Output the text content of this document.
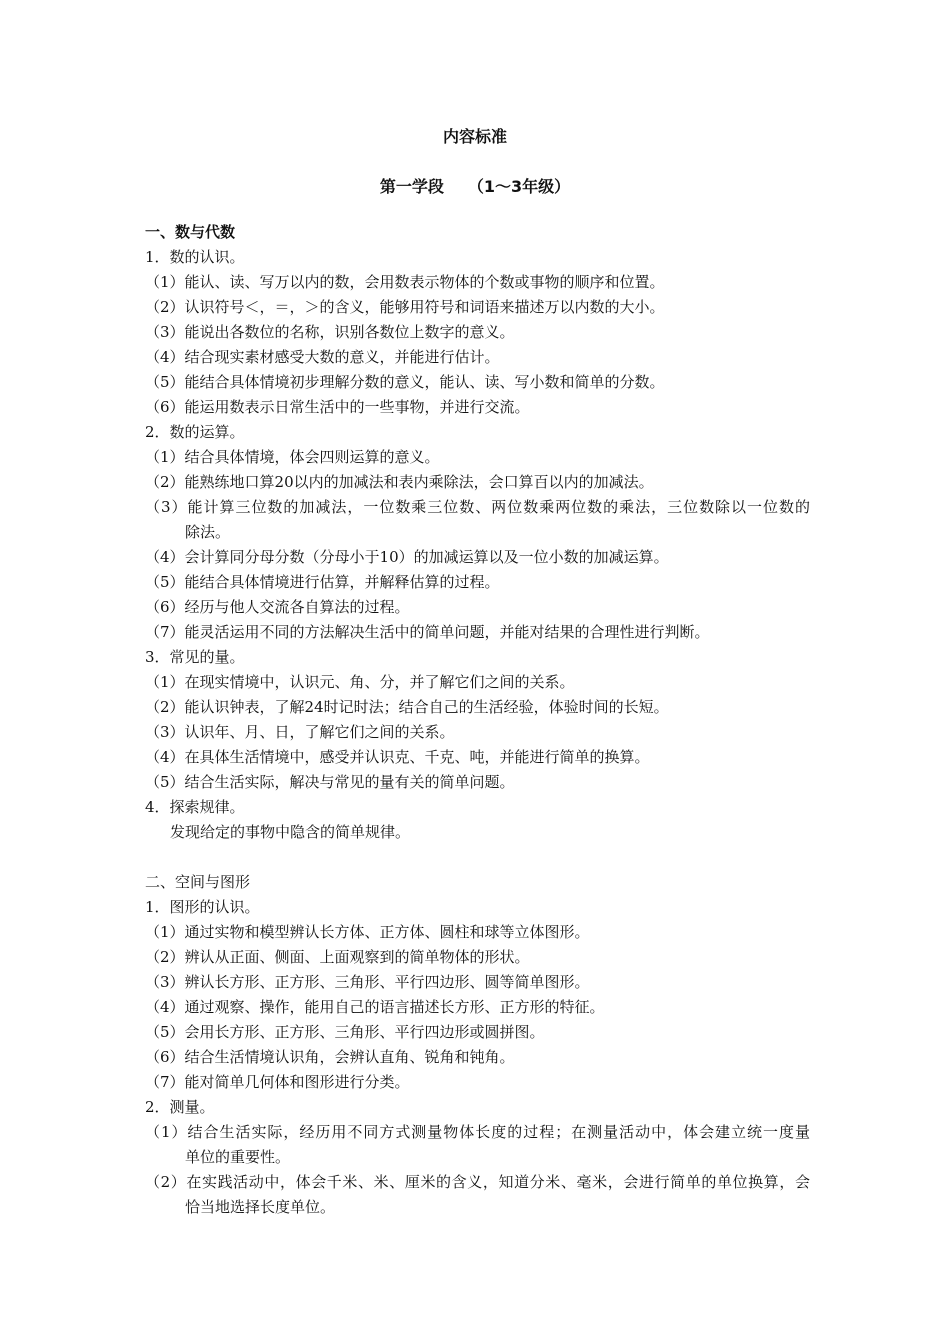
内容标准
第一学段　　（1～3年级）
一、数与代数
1．数的认识。
（1）能认、读、写万以内的数，会用数表示物体的个数或事物的顺序和位置。
（2）认识符号＜，＝，＞的含义，能够用符号和词语来描述万以内数的大小。
（3）能说出各数位的名称，识别各数位上数字的意义。
（4）结合现实素材感受大数的意义，并能进行估计。
（5）能结合具体情境初步理解分数的意义，能认、读、写小数和简单的分数。
（6）能运用数表示日常生活中的一些事物，并进行交流。
2．数的运算。
（1）结合具体情境，体会四则运算的意义。
（2）能熟练地口算20以内的加减法和表内乘除法，会口算百以内的加减法。
（3）能计算三位数的加减法，一位数乘三位数、两位数乘两位数的乘法，三位数除以一位数的
除法。
（4）会计算同分母分数（分母小于10）的加减运算以及一位小数的加减运算。
（5）能结合具体情境进行估算，并解释估算的过程。
（6）经历与他人交流各自算法的过程。
（7）能灵活运用不同的方法解决生活中的简单问题，并能对结果的合理性进行判断。
3．常见的量。
（1）在现实情境中，认识元、角、分，并了解它们之间的关系。
（2）能认识钟表，了解24时记时法；结合自己的生活经验，体验时间的长短。
（3）认识年、月、日，了解它们之间的关系。
（4）在具体生活情境中，感受并认识克、千克、吨，并能进行简单的换算。
（5）结合生活实际，解决与常见的量有关的简单问题。
4．探索规律。
发现给定的事物中隐含的简单规律。
二、空间与图形
1．图形的认识。
（1）通过实物和模型辨认长方体、正方体、圆柱和球等立体图形。
（2）辨认从正面、侧面、上面观察到的简单物体的形状。
（3）辨认长方形、正方形、三角形、平行四边形、圆等简单图形。
（4）通过观察、操作，能用自己的语言描述长方形、正方形的特征。
（5）会用长方形、正方形、三角形、平行四边形或圆拼图。
（6）结合生活情境认识角，会辨认直角、锐角和钝角。
（7）能对简单几何体和图形进行分类。
2．测量。
（1）结合生活实际，经历用不同方式测量物体长度的过程；在测量活动中，体会建立统一度量
单位的重要性。
（2）在实践活动中，体会千米、米、厘米的含义，知道分米、毫米，会进行简单的单位换算，会
恰当地选择长度单位。
